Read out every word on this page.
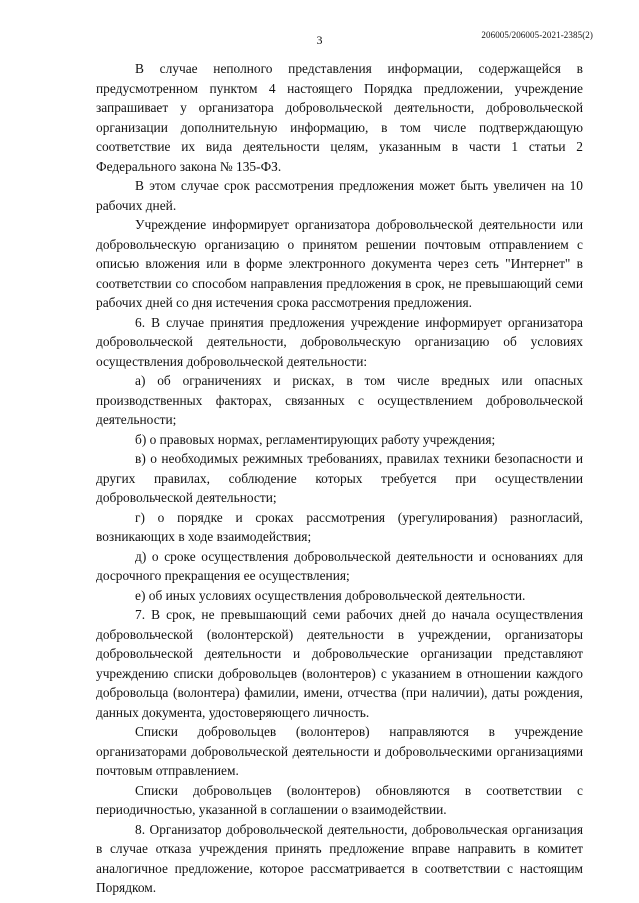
3	206005/206005-2021-2385(2)

В случае неполного представления информации, содержащейся в предусмотренном пунктом 4 настоящего Порядка предложении, учреждение запрашивает у организатора добровольческой деятельности, добровольческой организации дополнительную информацию, в том числе подтверждающую соответствие их вида деятельности целям, указанным в части 1 статьи 2 Федерального закона № 135-ФЗ.

В этом случае срок рассмотрения предложения может быть увеличен на 10 рабочих дней.

Учреждение информирует организатора добровольческой деятельности или добровольческую организацию о принятом решении почтовым отправлением с описью вложения или в форме электронного документа через сеть "Интернет" в соответствии со способом направления предложения в срок, не превышающий семи рабочих дней со дня истечения срока рассмотрения предложения.

6. В случае принятия предложения учреждение информирует организатора добровольческой деятельности, добровольческую организацию об условиях осуществления добровольческой деятельности:

а) об ограничениях и рисках, в том числе вредных или опасных производственных факторах, связанных с осуществлением добровольческой деятельности;

б) о правовых нормах, регламентирующих работу учреждения;

в) о необходимых режимных требованиях, правилах техники безопасности и других правилах, соблюдение которых требуется при осуществлении добровольческой деятельности;

г) о порядке и сроках рассмотрения (урегулирования) разногласий, возникающих в ходе взаимодействия;

д) о сроке осуществления добровольческой деятельности и основаниях для досрочного прекращения ее осуществления;

е) об иных условиях осуществления добровольческой деятельности.

7. В срок, не превышающий семи рабочих дней до начала осуществления добровольческой (волонтерской) деятельности в учреждении, организаторы добровольческой деятельности и добровольческие организации представляют учреждению списки добровольцев (волонтеров) с указанием в отношении каждого добровольца (волонтера) фамилии, имени, отчества (при наличии), даты рождения, данных документа, удостоверяющего личность.

Списки добровольцев (волонтеров) направляются в учреждение организаторами добровольческой деятельности и добровольческими организациями почтовым отправлением.

Списки добровольцев (волонтеров) обновляются в соответствии с периодичностью, указанной в соглашении о взаимодействии.

8. Организатор добровольческой деятельности, добровольческая организация в случае отказа учреждения принять предложение вправе направить в комитет аналогичное предложение, которое рассматривается в соответствии с настоящим Порядком.
